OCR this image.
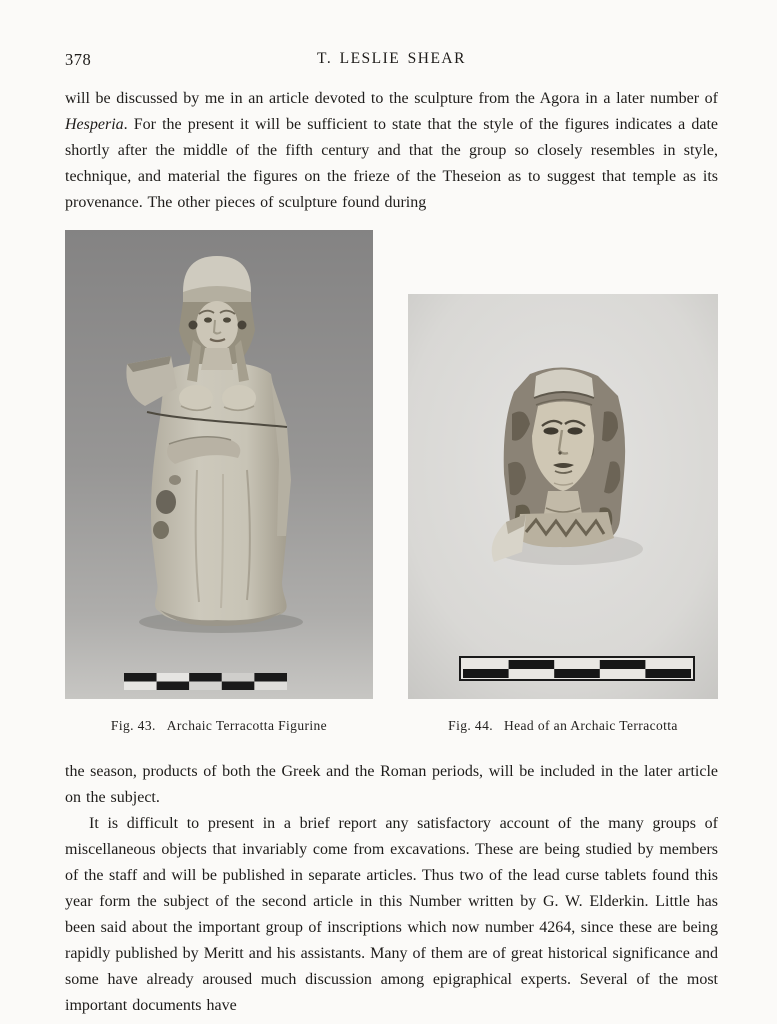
378	T. LESLIE SHEAR

will be discussed by me in an article devoted to the sculpture from the Agora in a later number of Hesperia. For the present it will be sufficient to state that the style of the figures indicates a date shortly after the middle of the fifth century and that the group so closely resembles in style, technique, and material the figures on the frieze of the Theseion as to suggest that temple as its provenance. The other pieces of sculpture found during

Fig. 43. Archaic Terracotta Figurine	Fig. 44. Head of an Archaic Terracotta

the season, products of both the Greek and the Roman periods, will be included in the later article on the subject.

It is difficult to present in a brief report any satisfactory account of the many groups of miscellaneous objects that invariably come from excavations. These are being studied by members of the staff and will be published in separate articles. Thus two of the lead curse tablets found this year form the subject of the second article in this Number written by G. W. Elderkin. Little has been said about the important group of inscriptions which now number 4264, since these are being rapidly published by Meritt and his assistants. Many of them are of great historical significance and some have already aroused much discussion among epigraphical experts. Several of the most important documents have
